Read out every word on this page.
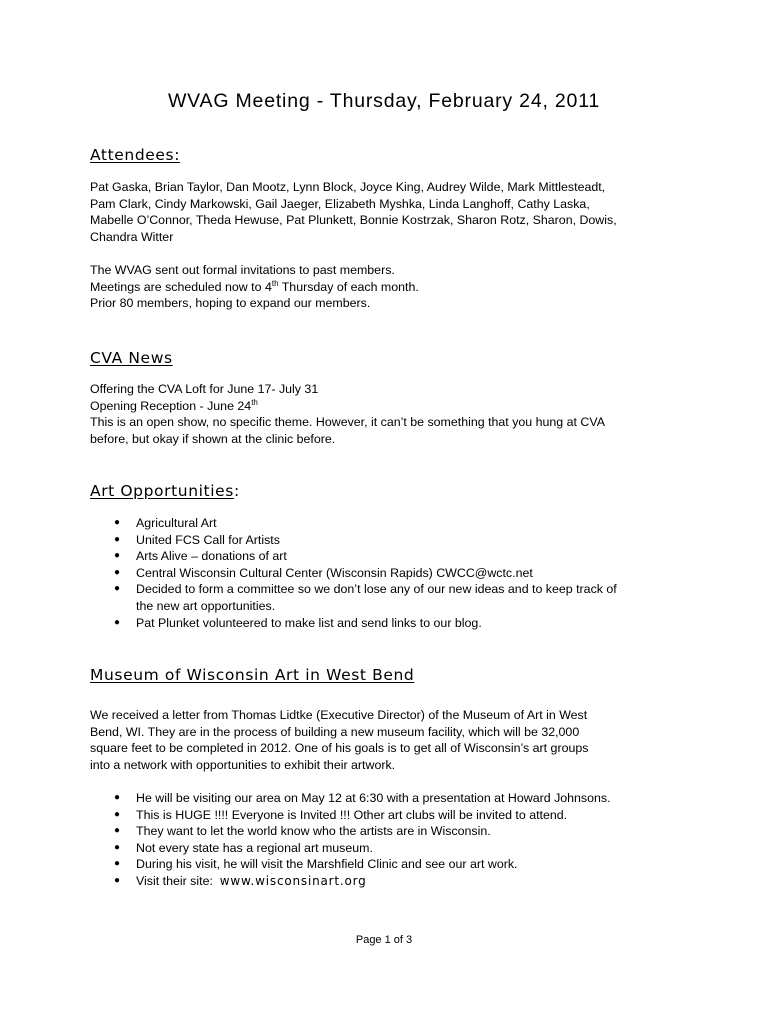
WVAG Meeting - Thursday, February 24, 2011
Attendees:
Pat Gaska, Brian Taylor, Dan Mootz, Lynn Block, Joyce King, Audrey Wilde, Mark Mittlesteadt,
Pam Clark, Cindy Markowski, Gail Jaeger, Elizabeth Myshka, Linda Langhoff, Cathy Laska,
Mabelle O’Connor, Theda Hewuse, Pat Plunkett, Bonnie Kostrzak, Sharon Rotz, Sharon, Dowis,
Chandra Witter
The WVAG sent out formal invitations to past members.
Meetings are scheduled now to 4th Thursday of each month.
Prior 80 members, hoping to expand our members.
CVA News
Offering the CVA Loft for June 17- July 31
Opening Reception - June 24th
This is an open show, no specific theme. However, it can’t be something that you hung at CVA
before, but okay if shown at the clinic before.
Art Opportunities:
● Agricultural Art
● United FCS Call for Artists
● Arts Alive – donations of art
● Central Wisconsin Cultural Center (Wisconsin Rapids) CWCC@wctc.net
● Decided to form a committee so we don’t lose any of our new ideas and to keep track of
the new art opportunities.
● Pat Plunket volunteered to make list and send links to our blog.
Museum of Wisconsin Art in West Bend
We received a letter from Thomas Lidtke (Executive Director) of the Museum of Art in West
Bend, WI. They are in the process of building a new museum facility, which will be 32,000
square feet to be completed in 2012. One of his goals is to get all of Wisconsin’s art groups
into a network with opportunities to exhibit their artwork.
● He will be visiting our area on May 12 at 6:30 with a presentation at Howard Johnsons.
● This is HUGE !!!! Everyone is Invited !!! Other art clubs will be invited to attend.
● They want to let the world know who the artists are in Wisconsin.
● Not every state has a regional art museum.
● During his visit, he will visit the Marshfield Clinic and see our art work.
● Visit their site:  www.wisconsinart.org
Page 1 of 3
